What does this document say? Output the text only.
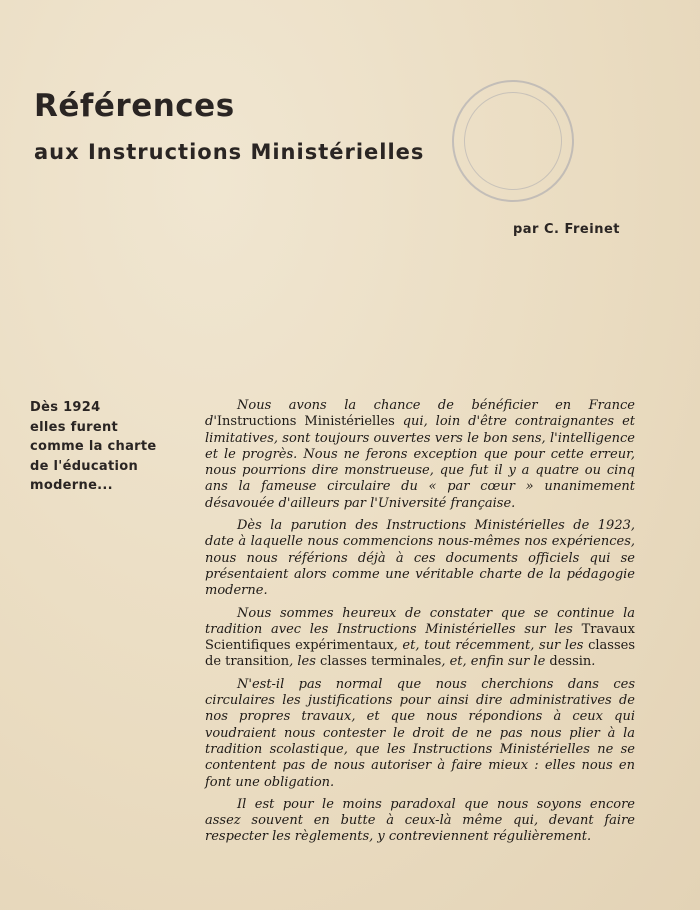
Références
aux Instructions Ministérielles
par C. Freinet
Dès 1924
elles furent
comme la charte
de l'éducation
moderne...

Nous avons la chance de bénéficier en France d'Instructions Ministérielles qui, loin d'être contraignantes et limitatives, sont toujours ouvertes vers le bon sens, l'intelligence et le progrès. Nous ne ferons exception que pour cette erreur, nous pourrions dire monstrueuse, que fut il y a quatre ou cinq ans la fameuse circulaire du « par cœur » unanimement désavouée d'ailleurs par l'Université française.

Dès la parution des Instructions Ministérielles de 1923, date à laquelle nous commencions nous-mêmes nos expériences, nous nous référions déjà à ces documents officiels qui se présentaient alors comme une véritable charte de la pédagogie moderne.

Nous sommes heureux de constater que se continue la tradition avec les Instructions Ministérielles sur les Travaux Scientifiques expérimentaux, et, tout récemment, sur les classes de transition, les classes terminales, et, enfin sur le dessin.

N'est-il pas normal que nous cherchions dans ces circulaires les justifications pour ainsi dire administratives de nos propres travaux, et que nous répondions à ceux qui voudraient nous contester le droit de ne pas nous plier à la tradition scolastique, que les Instructions Ministérielles ne se contentent pas de nous autoriser à faire mieux : elles nous en font une obligation.

Il est pour le moins paradoxal que nous soyons encore assez souvent en butte à ceux-là même qui, devant faire respecter les règlements, y contreviennent régulièrement.
